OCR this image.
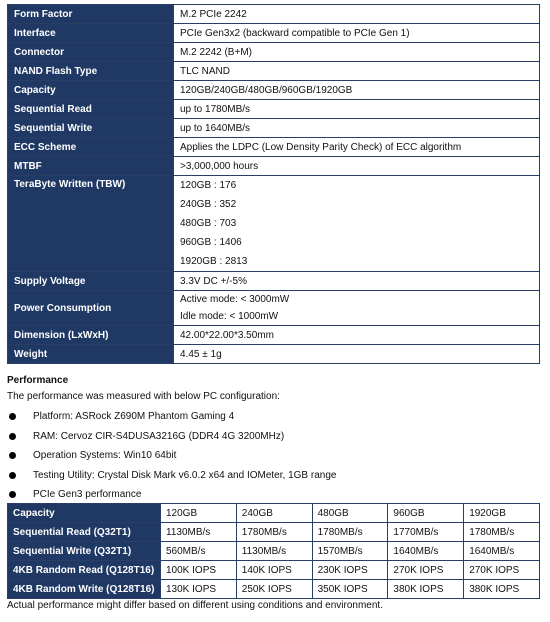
Form Factor	M.2 PCIe 2242
Interface	PCIe Gen3x2 (backward compatible to PCIe Gen 1)
Connector	M.2 2242 (B+M)
NAND Flash Type	TLC NAND
Capacity	120GB/240GB/480GB/960GB/1920GB
Sequential Read	up to 1780MB/s
Sequential Write	up to 1640MB/s
ECC Scheme	Applies the LDPC (Low Density Parity Check) of ECC algorithm
MTBF	>3,000,000 hours
TeraByte Written (TBW)	120GB : 176
240GB : 352
480GB : 703
960GB : 1406
1920GB : 2813

Supply Voltage	3.3V DC +/-5%
Power Consumption	Active mode: < 3000mW
Idle mode: < 1000mW

Dimension (LxWxH)	42.00*22.00*3.50mm
Weight	4.45 ± 1g
Performance
The performance was measured with below PC configuration:
Platform: ASRock Z690M Phantom Gaming 4
RAM: Cervoz CIR-S4DUSA3216G (DDR4 4G 3200MHz)
Operation Systems: Win10 64bit
Testing Utility: Crystal Disk Mark v6.0.2 x64 and IOMeter, 1GB range
PCIe Gen3 performance
Capacity	120GB	240GB	480GB	960GB	1920GB
Sequential Read (Q32T1)	1130MB/s	1780MB/s	1780MB/s	1770MB/s	1780MB/s
Sequential Write (Q32T1)	560MB/s	1130MB/s	1570MB/s	1640MB/s	1640MB/s
4KB Random Read (Q128T16)	100K IOPS	140K IOPS	230K IOPS	270K IOPS	270K IOPS
4KB Random Write (Q128T16)	130K IOPS	250K IOPS	350K IOPS	380K IOPS	380K IOPS
Actual performance might differ based on different using conditions and environment.
